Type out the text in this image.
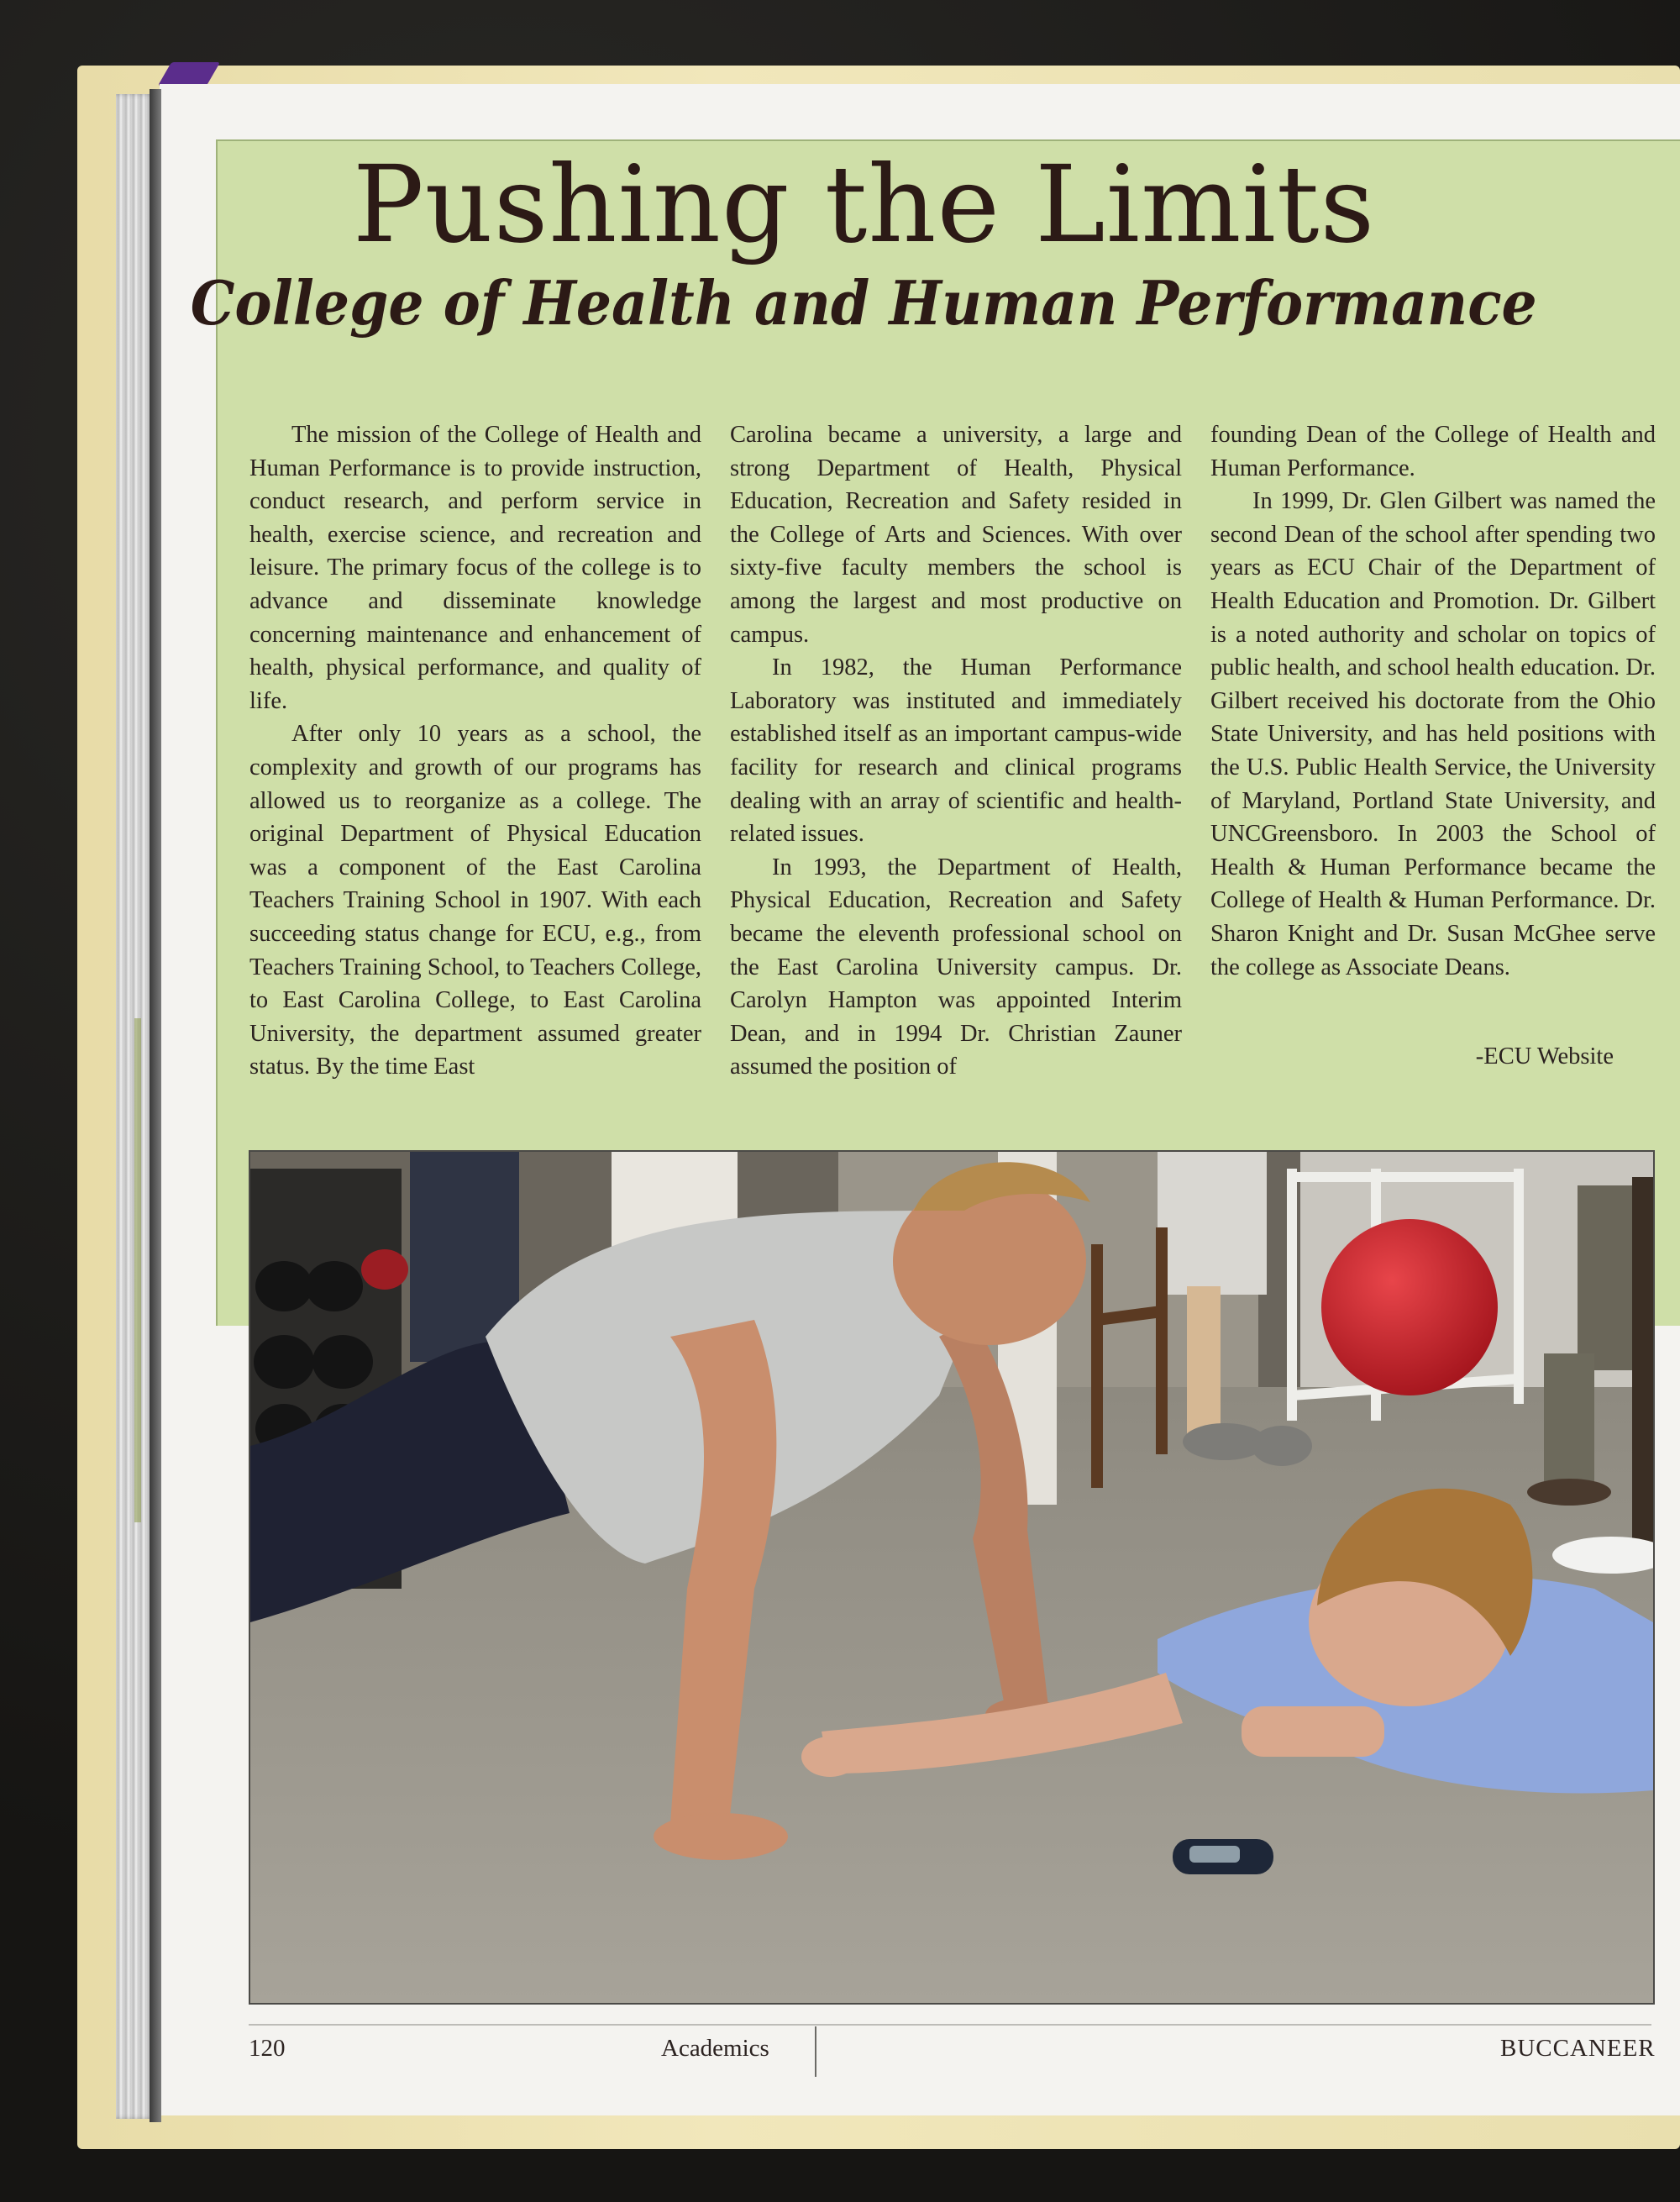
Pushing the Limits
College of Health and Human Performance

The mission of the College of Health and Human Performance is to provide instruction, conduct research, and perform service in health, exercise science, and recreation and leisure. The primary focus of the college is to advance and disseminate knowledge concerning maintenance and enhancement of health, physical performance, and quality of life.

After only 10 years as a school, the complexity and growth of our programs has allowed us to reorganize as a college. The original Department of Physical Education was a component of the East Carolina Teachers Training School in 1907. With each succeeding status change for ECU, e.g., from Teachers Training School, to Teachers College, to East Carolina College, to East Carolina University, the department assumed greater status. By the time East

Carolina became a university, a large and strong Department of Health, Physical Education, Recreation and Safety resided in the College of Arts and Sciences. With over sixty-five faculty members the school is among the largest and most productive on campus.

In 1982, the Human Performance Laboratory was instituted and immediately established itself as an important campus-wide facility for research and clinical programs dealing with an array of scientific and health-related issues.

In 1993, the Department of Health, Physical Education, Recreation and Safety became the eleventh professional school on the East Carolina University campus. Dr. Carolyn Hampton was appointed Interim Dean, and in 1994 Dr. Christian Zauner assumed the position of

founding Dean of the College of Health and Human Performance.

In 1999, Dr. Glen Gilbert was named the second Dean of the school after spending two years as ECU Chair of the Department of Health Education and Promotion. Dr. Gilbert is a noted authority and scholar on topics of public health, and school health education. Dr. Gilbert received his doctorate from the Ohio State University, and has held positions with the U.S. Public Health Service, the University of Maryland, Portland State University, and UNCGreensboro. In 2003 the School of Health & Human Performance became the College of Health & Human Performance. Dr. Sharon Knight and Dr. Susan McGhee serve the college as Associate Deans.

-ECU Website
120	Academics	BUCCANEER
